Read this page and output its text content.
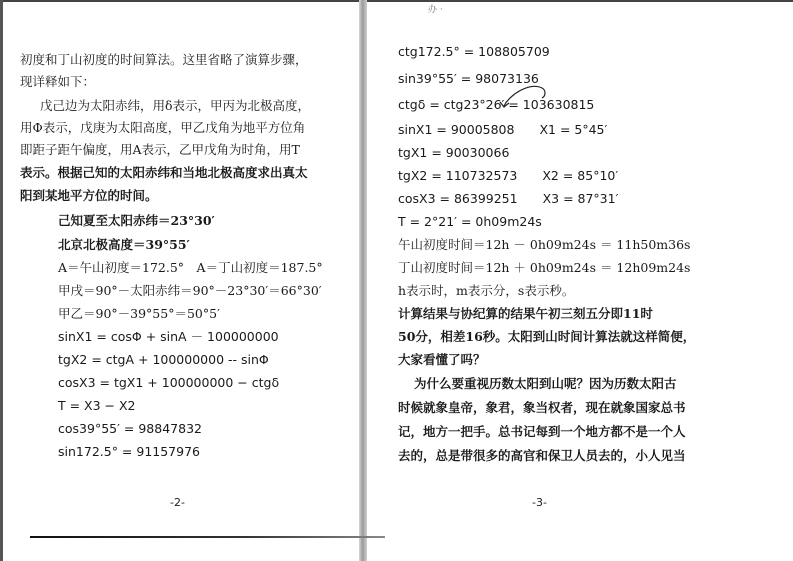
办 ·
初度和丁山初度的时间算法。这里省略了演算步骤，
现详释如下：
戊己边为太阳赤纬，用δ表示，甲丙为北极高度，
用Φ表示，戊庚为太阳高度，甲乙戊角为地平方位角
即距子距午偏度，用A表示，乙甲戊角为时角，用T
表示。根据己知的太阳赤纬和当地北极高度求出真太
阳到某地平方位的时间。
己知夏至太阳赤纬＝23°30′
北京北极高度＝39°55′
A＝午山初度＝172.5°　A＝丁山初度＝187.5°
甲戌＝90°－太阳赤纬＝90°－23°30′＝66°30′
甲乙＝90°－39°55°＝50°5′
sinX1 = cosΦ + sinA － 100000000
tgX2 = ctgA + 100000000 -- sinΦ
cosX3 = tgX1 + 100000000 − ctgδ
T = X3 − X2
cos39°55′ = 98847832
sin172.5° = 91157976
-2-
ctg172.5° = 108805709
sin39°55′ = 98073136
ctgδ = ctg23°26′ = 103630815
sinX1 = 90005808　　X1 = 5°45′
tgX1 = 90030066
tgX2 = 110732573　　X2 = 85°10′
cosX3 = 86399251　　X3 = 87°31′
T = 2°21′ = 0h09m24s
午山初度时间＝12h － 0h09m24s ＝ 11h50m36s
丁山初度时间＝12h ＋ 0h09m24s ＝ 12h09m24s
h表示时，m表示分，s表示秒。
计算结果与协纪算的结果午初三刻五分即11时
50分，相差16秒。太阳到山时间计算法就这样简便，
大家看懂了吗？
为什么要重视历数太阳到山呢？因为历数太阳古
时候就象皇帝，象君，象当权者，现在就象国家总书
记，地方一把手。总书记每到一个地方都不是一个人
去的，总是带很多的高官和保卫人员去的，小人见当
-3-
